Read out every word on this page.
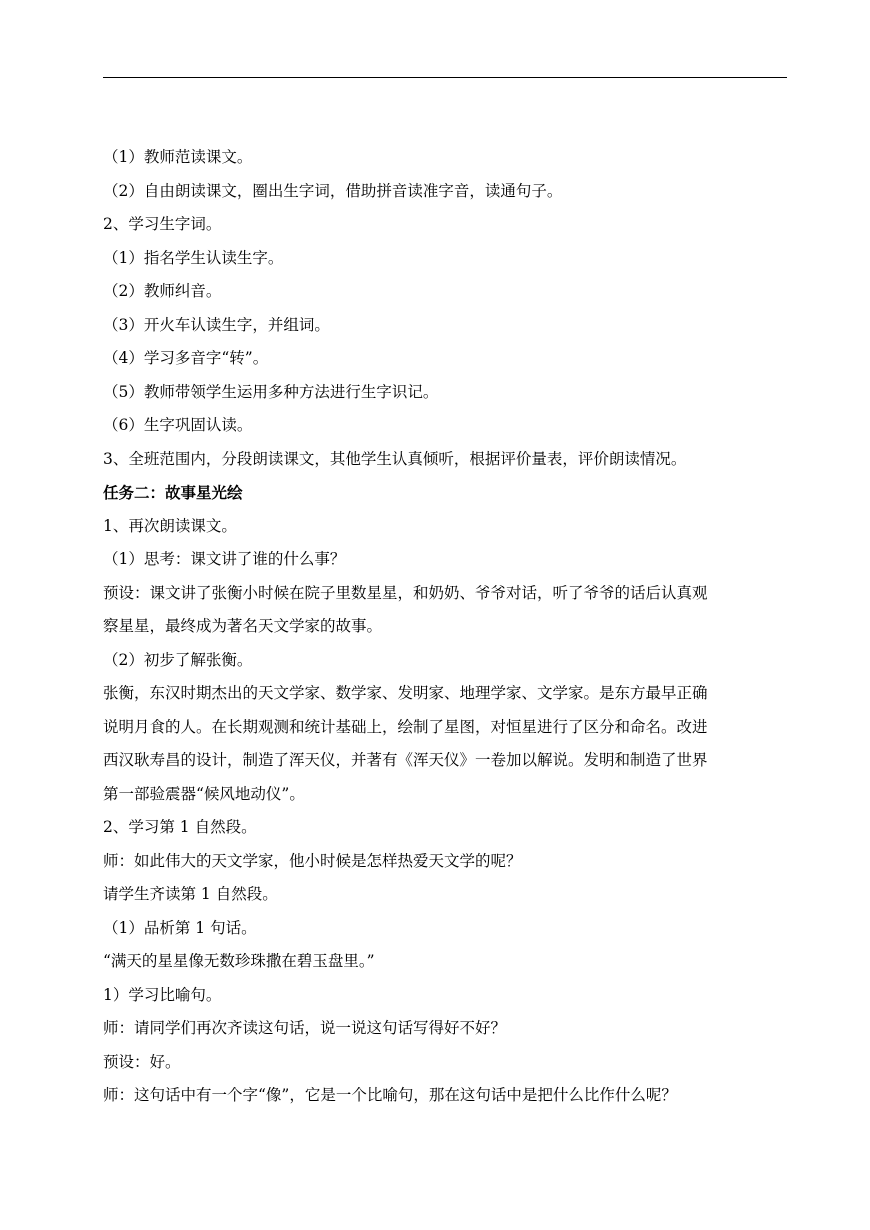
（1）教师范读课文。
（2）自由朗读课文，圈出生字词，借助拼音读准字音，读通句子。
2、学习生字词。
（1）指名学生认读生字。
（2）教师纠音。
（3）开火车认读生字，并组词。
（4）学习多音字“转”。
（5）教师带领学生运用多种方法进行生字识记。
（6）生字巩固认读。
3、全班范围内，分段朗读课文，其他学生认真倾听，根据评价量表，评价朗读情况。
任务二：故事星光绘
1、再次朗读课文。
（1）思考：课文讲了谁的什么事？
预设：课文讲了张衡小时候在院子里数星星，和奶奶、爷爷对话，听了爷爷的话后认真观
察星星，最终成为著名天文学家的故事。
（2）初步了解张衡。
张衡，东汉时期杰出的天文学家、数学家、发明家、地理学家、文学家。是东方最早正确
说明月食的人。在长期观测和统计基础上，绘制了星图，对恒星进行了区分和命名。改进
西汉耿寿昌的设计，制造了浑天仪，并著有《浑天仪》一卷加以解说。发明和制造了世界
第一部验震器“候风地动仪”。
2、学习第 1 自然段。
师：如此伟大的天文学家，他小时候是怎样热爱天文学的呢？
请学生齐读第 1 自然段。
（1）品析第 1 句话。
“满天的星星像无数珍珠撒在碧玉盘里。”
1）学习比喻句。
师：请同学们再次齐读这句话，说一说这句话写得好不好？
预设：好。
师：这句话中有一个字“像”，它是一个比喻句，那在这句话中是把什么比作什么呢？
